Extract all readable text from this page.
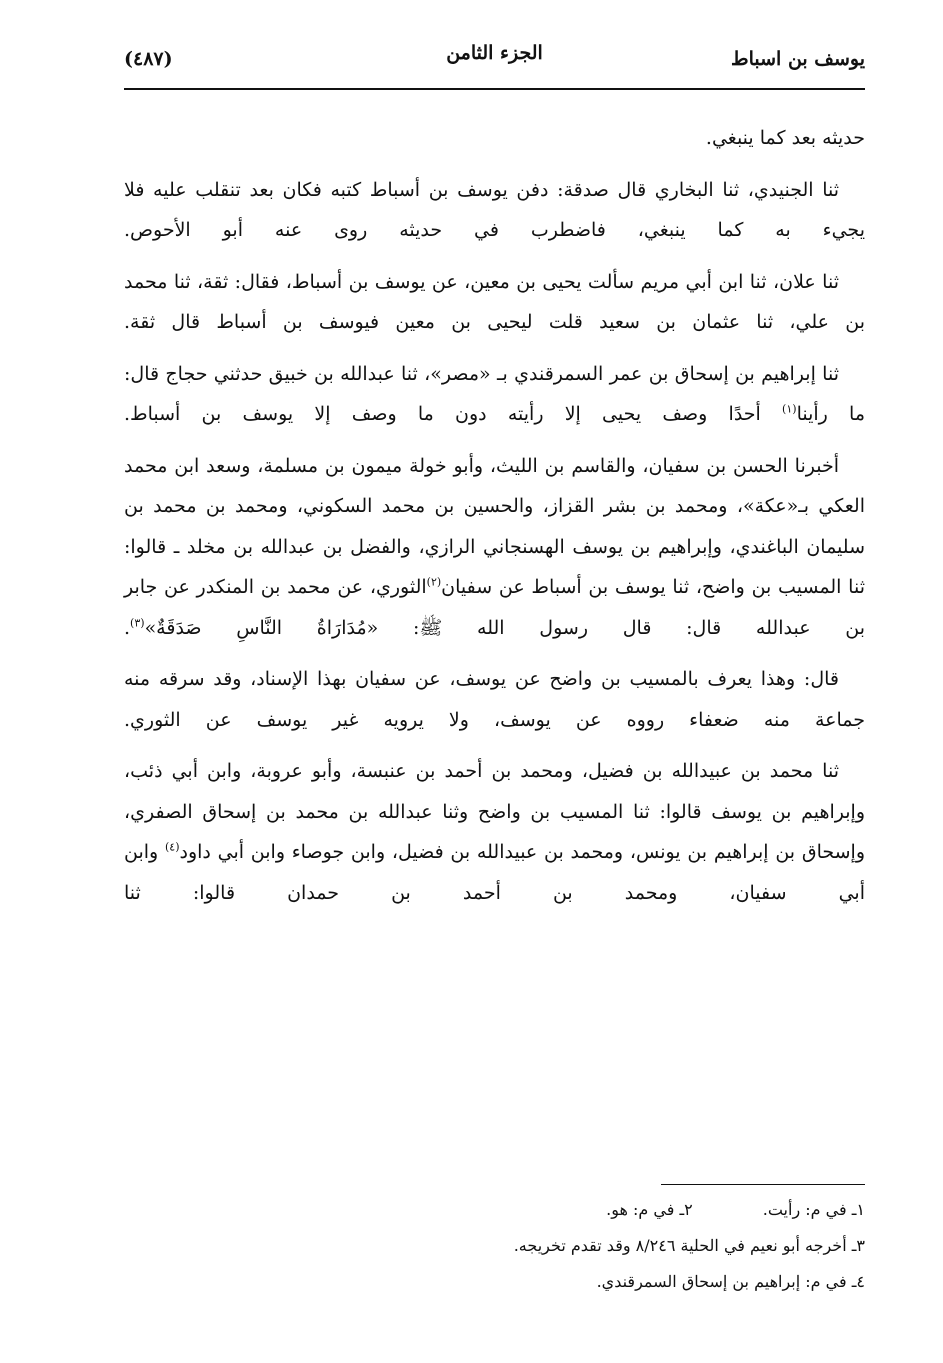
يوسف بن اسباط
الجزء الثامن
(٤٨٧)

حديثه بعد كما ينبغي.

ثنا الجنيدي، ثنا البخاري قال صدقة: دفن يوسف بن أسباط كتبه فكان بعد تنقلب عليه فلا يجيء به كما ينبغي، فاضطرب في حديثه روى عنه أبو الأحوص.

ثنا علان، ثنا ابن أبي مريم سألت يحيى بن معين، عن يوسف بن أسباط، فقال: ثقة، ثنا محمد بن علي، ثنا عثمان بن سعيد قلت ليحيى بن معين فيوسف بن أسباط قال ثقة.

ثنا إبراهيم بن إسحاق بن عمر السمرقندي بـ «مصر»، ثنا عبدالله بن خبيق حدثني حجاج قال: ما رأينا$^{(١)}$ أحدًا وصف يحيى إلا رأيته دون ما وصف إلا يوسف بن أسباط.

أخبرنا الحسن بن سفيان، والقاسم بن الليث، وأبو خولة ميمون بن مسلمة، وسعد ابن محمد العكي بـ«عكة»، ومحمد بن بشر القزاز، والحسين بن محمد السكوني، ومحمد بن محمد بن سليمان الباغندي، وإبراهيم بن يوسف الهسنجاني الرازي، والفضل بن عبدالله بن مخلد ـ قالوا: ثنا المسيب بن واضح، ثنا يوسف بن أسباط عن سفيان$^{(٢)}$الثوري، عن محمد بن المنكدر عن جابر بن عبدالله قال: قال رسول الله ﷺ: «مُدَارَاةُ النَّاسِ صَدَقَةٌ»$^{(٣)}$.

قال: وهذا يعرف بالمسيب بن واضح عن يوسف، عن سفيان بهذا الإسناد، وقد سرقه منه جماعة منه ضعفاء رووه عن يوسف، ولا يرويه غير يوسف عن الثوري.

ثنا محمد بن عبيدالله بن فضيل، ومحمد بن أحمد بن عنبسة، وأبو عروبة، وابن أبي ذئب، وإبراهيم بن يوسف قالوا: ثنا المسيب بن واضح وثنا عبدالله بن محمد بن إسحاق الصفري، وإسحاق بن إبراهيم بن يونس، ومحمد بن عبيدالله بن فضيل، وابن جوصاء وابن أبي داود$^{(٤)}$ وابن أبي سفيان، ومحمد بن أحمد بن حمدان قالوا: ثنا

١ـ في م: رأيت.
٢ـ في م: هو.
٣ـ أخرجه أبو نعيم في الحلية ٨/٢٤٦ وقد تقدم تخريجه.
٤ـ في م: إبراهيم بن إسحاق السمرقندي.
